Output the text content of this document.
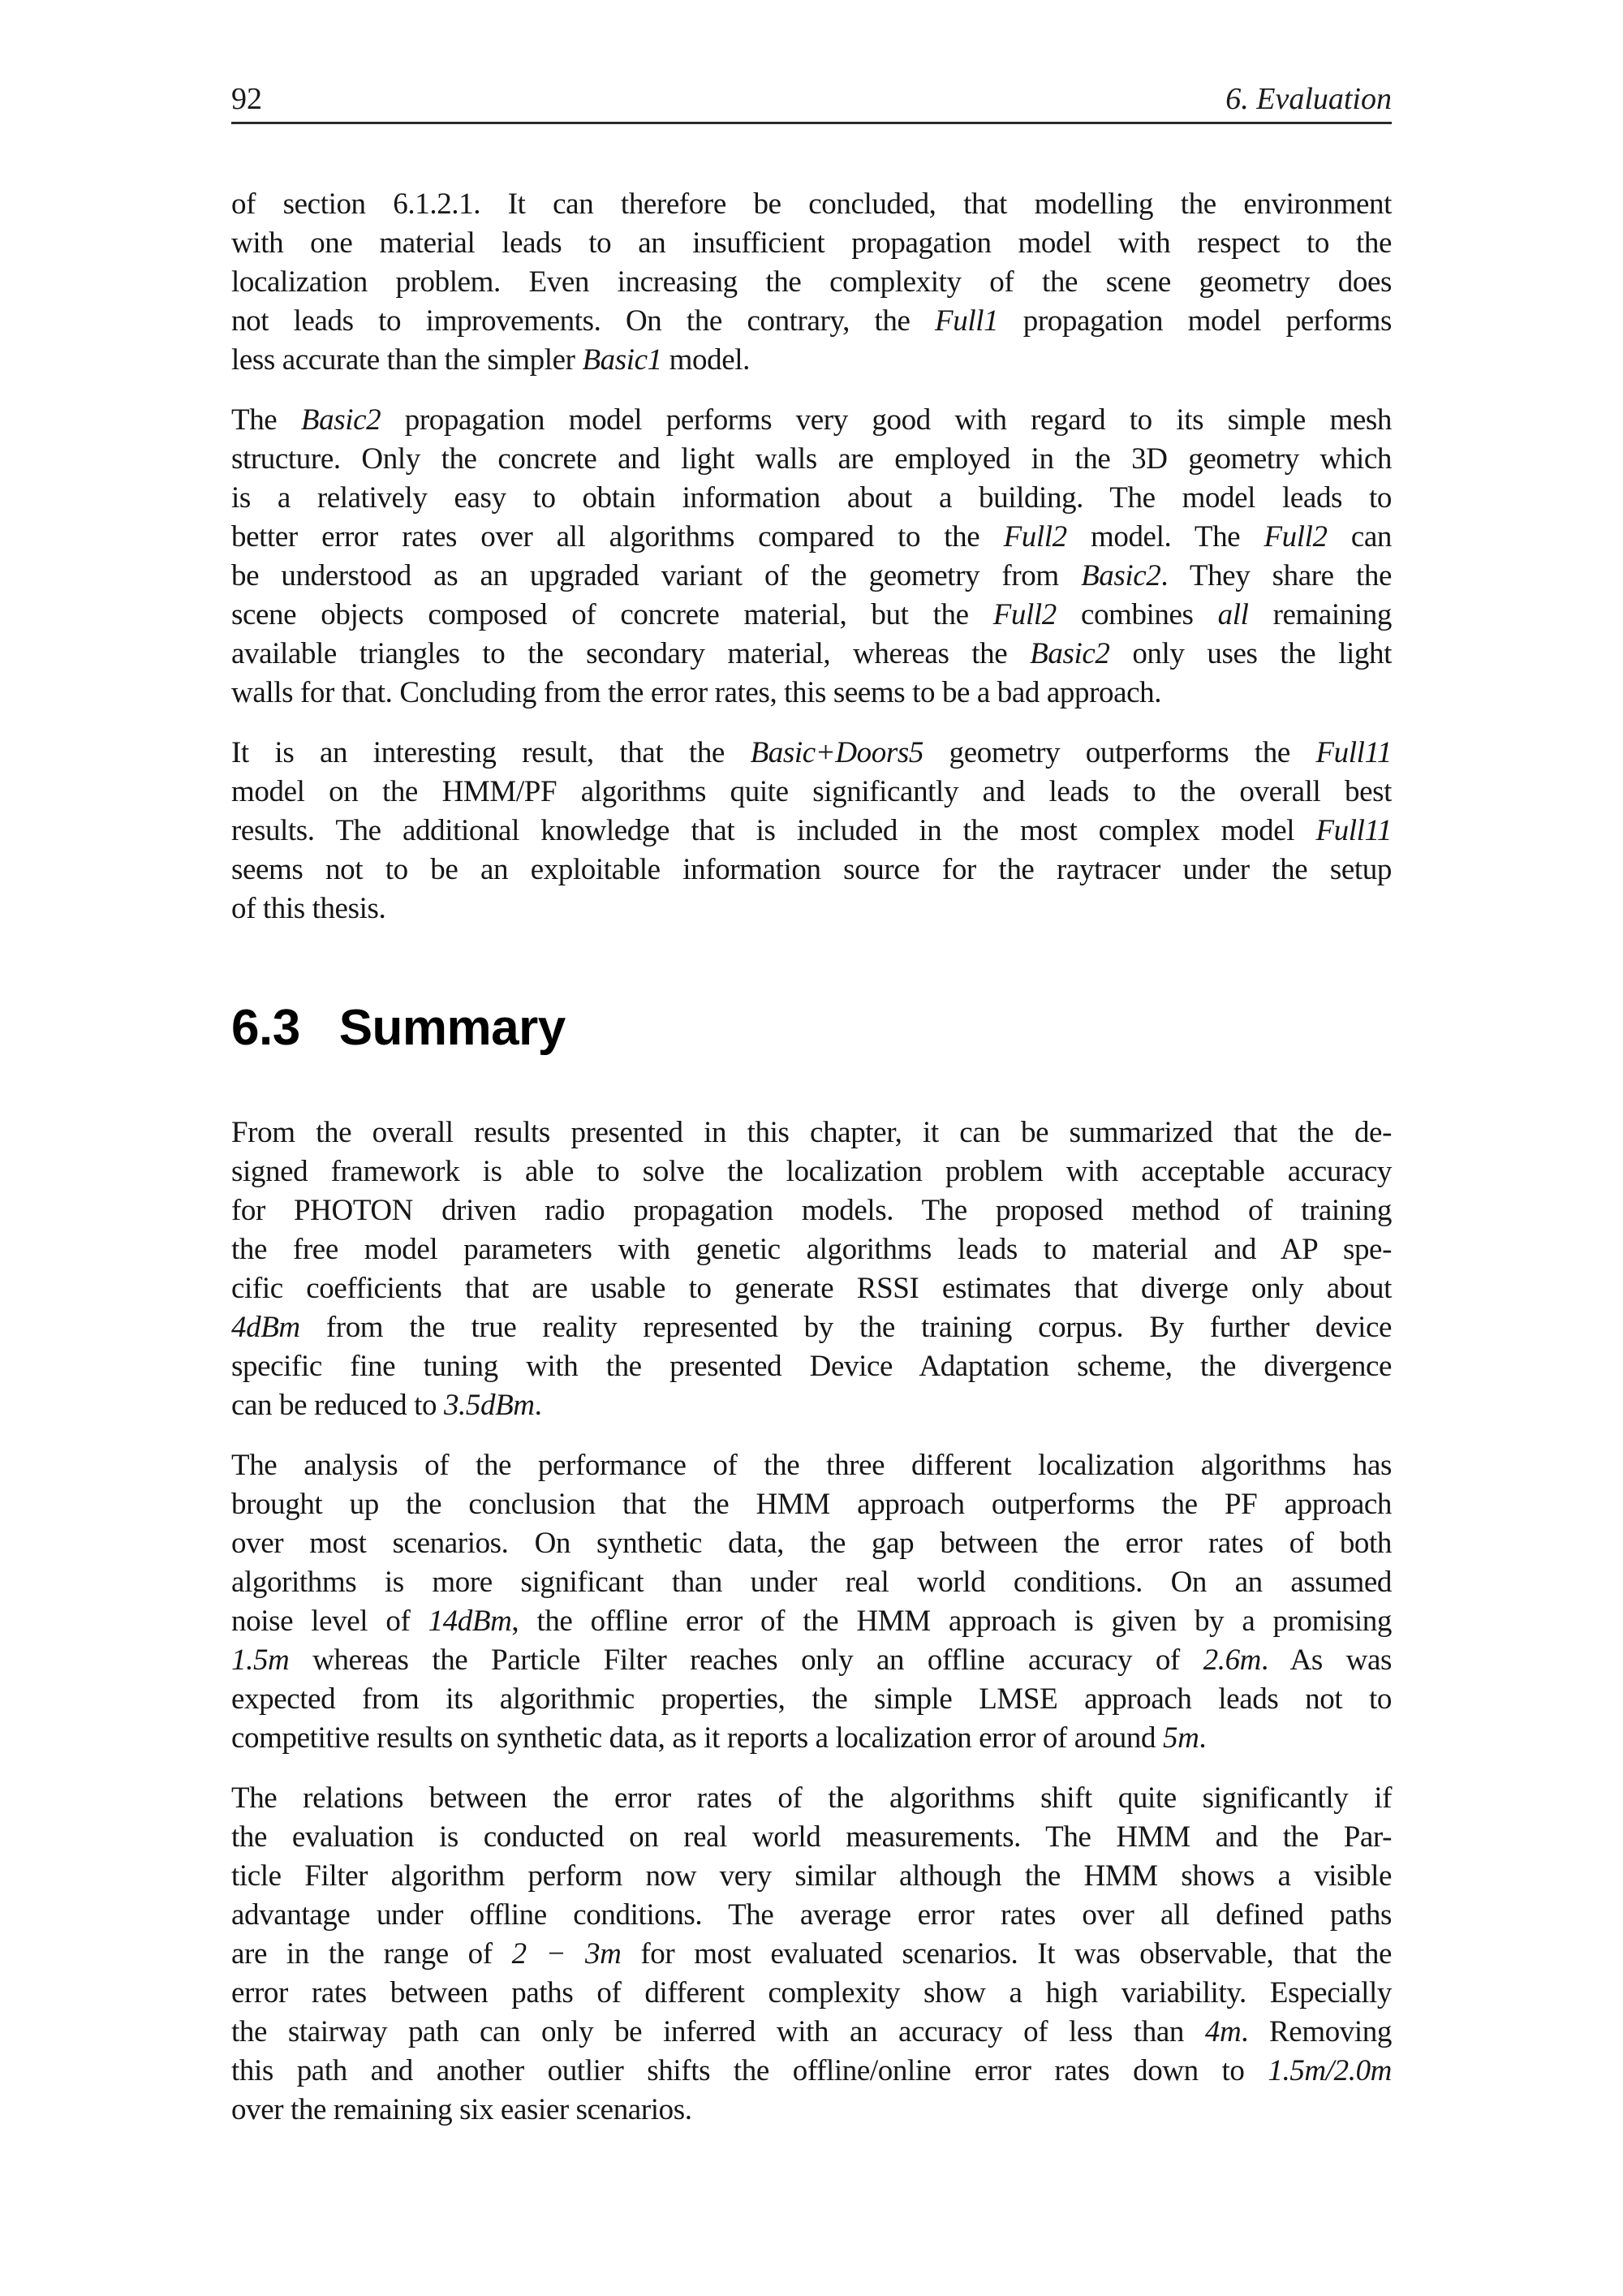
92	6. Evaluation
of section 6.1.2.1. It can therefore be concluded, that modelling the environment
with one material leads to an insufficient propagation model with respect to the
localization problem. Even increasing the complexity of the scene geometry does
not leads to improvements. On the contrary, the Full1 propagation model performs
less accurate than the simpler Basic1 model.
The Basic2 propagation model performs very good with regard to its simple mesh
structure. Only the concrete and light walls are employed in the 3D geometry which
is a relatively easy to obtain information about a building. The model leads to
better error rates over all algorithms compared to the Full2 model. The Full2 can
be understood as an upgraded variant of the geometry from Basic2. They share the
scene objects composed of concrete material, but the Full2 combines all remaining
available triangles to the secondary material, whereas the Basic2 only uses the light
walls for that. Concluding from the error rates, this seems to be a bad approach.
It is an interesting result, that the Basic+Doors5 geometry outperforms the Full11
model on the HMM/PF algorithms quite significantly and leads to the overall best
results. The additional knowledge that is included in the most complex model Full11
seems not to be an exploitable information source for the raytracer under the setup
of this thesis.
6.3 Summary
From the overall results presented in this chapter, it can be summarized that the de-
signed framework is able to solve the localization problem with acceptable accuracy
for PHOTON driven radio propagation models. The proposed method of training
the free model parameters with genetic algorithms leads to material and AP spe-
cific coefficients that are usable to generate RSSI estimates that diverge only about
4dBm from the true reality represented by the training corpus. By further device
specific fine tuning with the presented Device Adaptation scheme, the divergence
can be reduced to 3.5dBm.
The analysis of the performance of the three different localization algorithms has
brought up the conclusion that the HMM approach outperforms the PF approach
over most scenarios. On synthetic data, the gap between the error rates of both
algorithms is more significant than under real world conditions. On an assumed
noise level of 14dBm, the offline error of the HMM approach is given by a promising
1.5m whereas the Particle Filter reaches only an offline accuracy of 2.6m. As was
expected from its algorithmic properties, the simple LMSE approach leads not to
competitive results on synthetic data, as it reports a localization error of around 5m.
The relations between the error rates of the algorithms shift quite significantly if
the evaluation is conducted on real world measurements. The HMM and the Par-
ticle Filter algorithm perform now very similar although the HMM shows a visible
advantage under offline conditions. The average error rates over all defined paths
are in the range of 2 − 3m for most evaluated scenarios. It was observable, that the
error rates between paths of different complexity show a high variability. Especially
the stairway path can only be inferred with an accuracy of less than 4m. Removing
this path and another outlier shifts the offline/online error rates down to 1.5m/2.0m
over the remaining six easier scenarios.
